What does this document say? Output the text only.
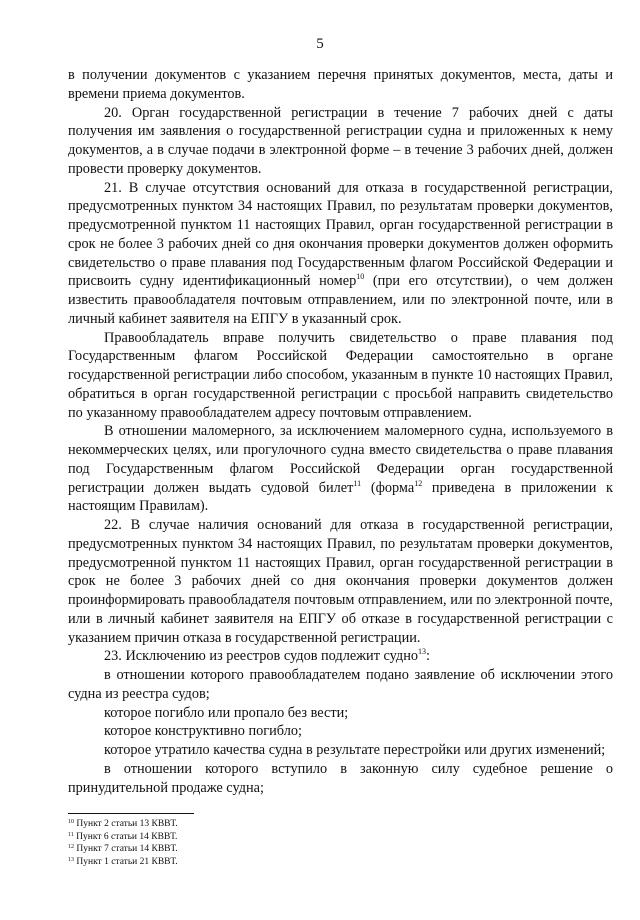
5

в получении документов с указанием перечня принятых документов, места, даты и времени приема документов.

20. Орган государственной регистрации в течение 7 рабочих дней с даты получения им заявления о государственной регистрации судна и приложенных к нему документов, а в случае подачи в электронной форме – в течение 3 рабочих дней, должен провести проверку документов.

21. В случае отсутствия оснований для отказа в государственной регистрации, предусмотренных пунктом 34 настоящих Правил, по результатам проверки документов, предусмотренной пунктом 11 настоящих Правил, орган государственной регистрации в срок не более 3 рабочих дней со дня окончания проверки документов должен оформить свидетельство о праве плавания под Государственным флагом Российской Федерации и присвоить судну идентификационный номер$^{10}$ (при его отсутствии), о чем должен известить правообладателя почтовым отправлением, или по электронной почте, или в личный кабинет заявителя на ЕПГУ в указанный срок.

Правообладатель вправе получить свидетельство о праве плавания под Государственным флагом Российской Федерации самостоятельно в органе государственной регистрации либо способом, указанным в пункте 10 настоящих Правил, обратиться в орган государственной регистрации с просьбой направить свидетельство по указанному правообладателем адресу почтовым отправлением.

В отношении маломерного, за исключением маломерного судна, используемого в некоммерческих целях, или прогулочного судна вместо свидетельства о праве плавания под Государственным флагом Российской Федерации орган государственной регистрации должен выдать судовой билет$^{11}$ (форма$^{12}$ приведена в приложении к настоящим Правилам).

22. В случае наличия оснований для отказа в государственной регистрации, предусмотренных пунктом 34 настоящих Правил, по результатам проверки документов, предусмотренной пунктом 11 настоящих Правил, орган государственной регистрации в срок не более 3 рабочих дней со дня окончания проверки документов должен проинформировать правообладателя почтовым отправлением, или по электронной почте, или в личный кабинет заявителя на ЕПГУ об отказе в государственной регистрации с указанием причин отказа в государственной регистрации.

23. Исключению из реестров судов подлежит судно$^{13}$:

в отношении которого правообладателем подано заявление об исключении этого судна из реестра судов;

которое погибло или пропало без вести;

которое конструктивно погибло;

которое утратило качества судна в результате перестройки или других изменений;

в отношении которого вступило в законную силу судебное решение о принудительной продаже судна;

$^{10}$ Пункт 2 статьи 13 КВВТ.
$^{11}$ Пункт 6 статьи 14 КВВТ.
$^{12}$ Пункт 7 статьи 14 КВВТ.
$^{13}$ Пункт 1 статьи 21 КВВТ.
